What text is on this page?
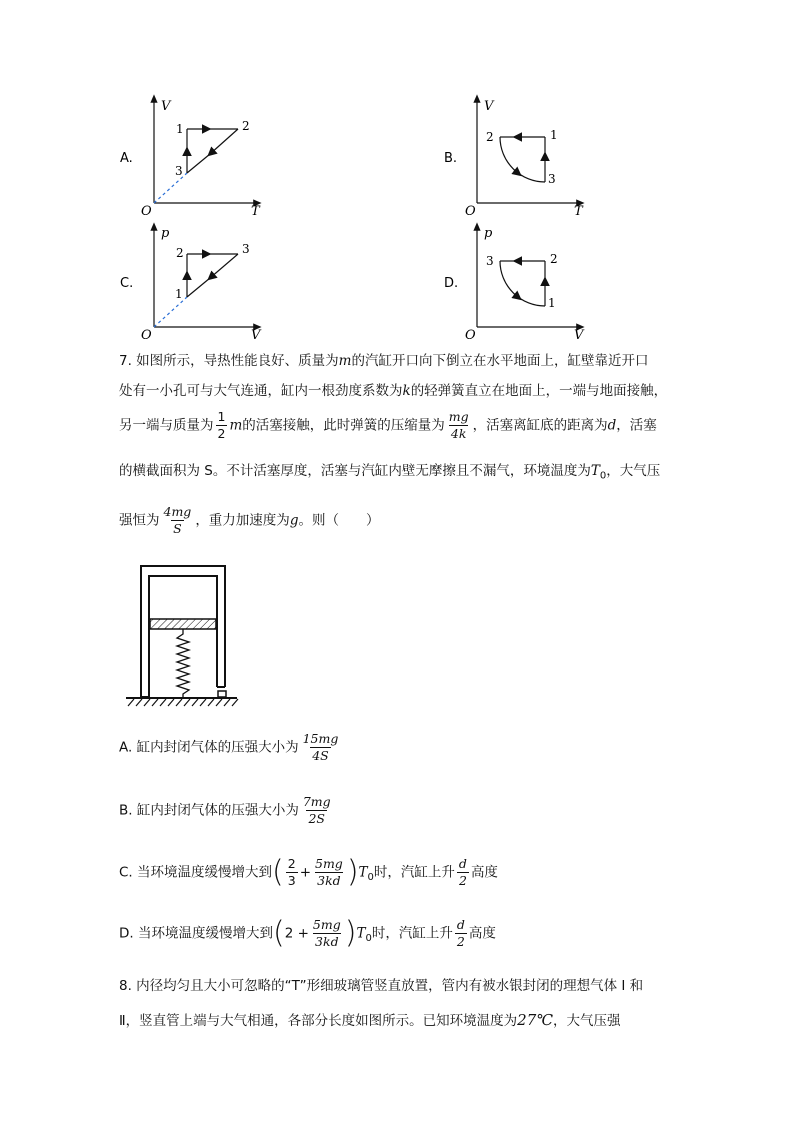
A.
V
T
O
1	2
3
B.
V
T
O
2	1
3
C.
p
V
O
2	3
1
D.
p
V
O
3	2
1
7. 如图所示，导热性能良好、质量为m的汽缸开口向下倒立在水平地面上，缸壁靠近开口
处有一小孔可与大气连通，缸内一根劲度系数为k的轻弹簧直立在地面上，一端与地面接触，
另一端与质量为 $\frac{1}{2}$ m的活塞接触，此时弹簧的压缩量为 $\frac{mg}{4k}$ ，活塞离缸底的距离为d，活塞
的横截面积为 S。不计活塞厚度，活塞与汽缸内壁无摩擦且不漏气，环境温度为$T_0$，大气压
强恒为 $\frac{4mg}{S}$ ，重力加速度为g。则（　　）
A. 缸内封闭气体的压强大小为 $\frac{15mg}{4S}$
B. 缸内封闭气体的压强大小为 $\frac{7mg}{2S}$
C. 当环境温度缓慢增大到( $\frac{2}{3} + \frac{5mg}{3kd} )T_0$时，汽缸上升 $\frac{d}{2}$ 高度
D. 当环境温度缓慢增大到$(2 + \frac{5mg}{3kd} )T_0$时，汽缸上升 $\frac{d}{2}$ 高度
8. 内径均匀且大小可忽略的“T”形细玻璃管竖直放置，管内有被水银封闭的理想气体 Ⅰ 和
Ⅱ，竖直管上端与大气相通，各部分长度如图所示。已知环境温度为27℃，大气压强
